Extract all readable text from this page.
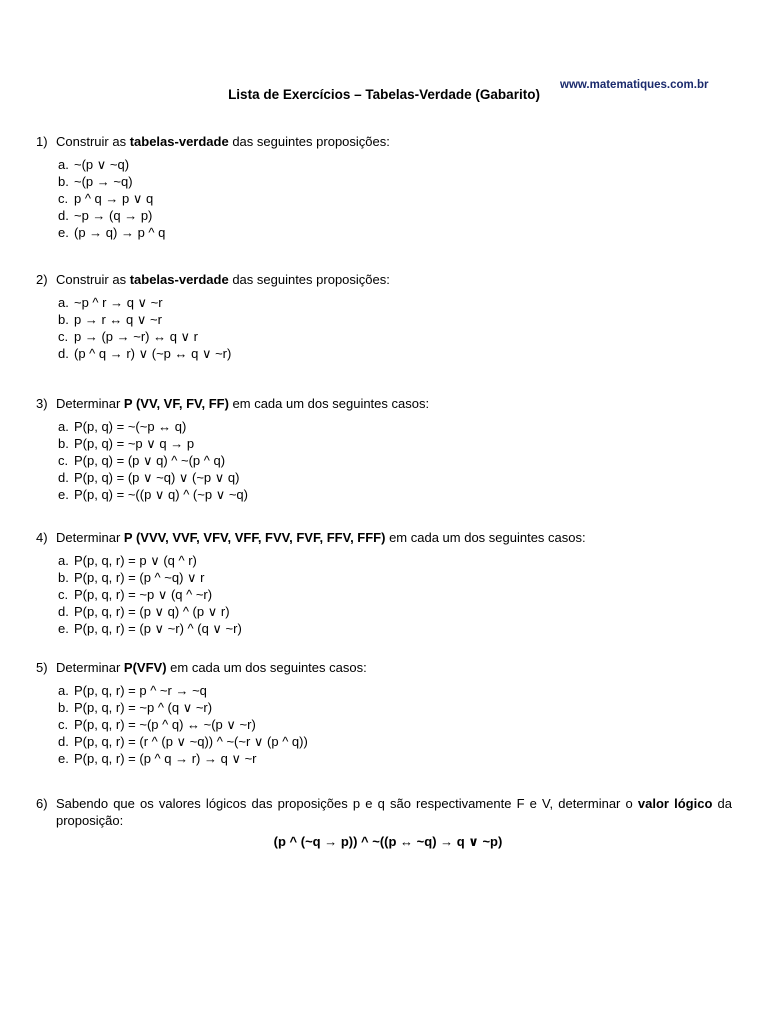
www.matematiques.com.br
Lista de Exercícios – Tabelas-Verdade (Gabarito)
1) Construir as tabelas-verdade das seguintes proposições:
a. ~(p ∨ ~q)
b. ~(p → ~q)
c. p ^ q → p ∨ q
d. ~p → (q → p)
e. (p → q) → p ^ q
2) Construir as tabelas-verdade das seguintes proposições:
a. ~p ^ r → q ∨ ~r
b. p → r ↔ q ∨ ~r
c. p → (p → ~r) ↔ q ∨ r
d. (p ^ q → r) ∨ (~p ↔ q ∨ ~r)
3) Determinar P (VV, VF, FV, FF) em cada um dos seguintes casos:
a. P(p, q) = ~(~p ↔ q)
b. P(p, q) = ~p ∨ q → p
c. P(p, q) = (p ∨ q) ^ ~(p ^ q)
d. P(p, q) = (p ∨ ~q) ∨ (~p ∨ q)
e. P(p, q) = ~((p ∨ q) ^ (~p ∨ ~q)
4) Determinar P (VVV, VVF, VFV, VFF, FVV, FVF, FFV, FFF) em cada um dos seguintes casos:
a. P(p, q, r) = p ∨ (q ^ r)
b. P(p, q, r) = (p ^ ~q) ∨ r
c. P(p, q, r) = ~p ∨ (q ^ ~r)
d. P(p, q, r) = (p ∨ q) ^ (p ∨ r)
e. P(p, q, r) = (p ∨ ~r) ^ (q ∨ ~r)
5) Determinar P(VFV) em cada um dos seguintes casos:
a. P(p, q, r) = p ^ ~r → ~q
b. P(p, q, r) = ~p ^ (q ∨ ~r)
c. P(p, q, r) = ~(p ^ q) ↔ ~(p ∨ ~r)
d. P(p, q, r) = (r ^ (p ∨ ~q)) ^ ~(~r ∨ (p ^ q))
e. P(p, q, r) = (p ^ q → r) → q ∨ ~r
6) Sabendo que os valores lógicos das proposições p e q são respectivamente F e V, determinar o valor lógico da proposição:
(p ^ (~q → p)) ^ ~((p ↔ ~q) → q ∨ ~p)
